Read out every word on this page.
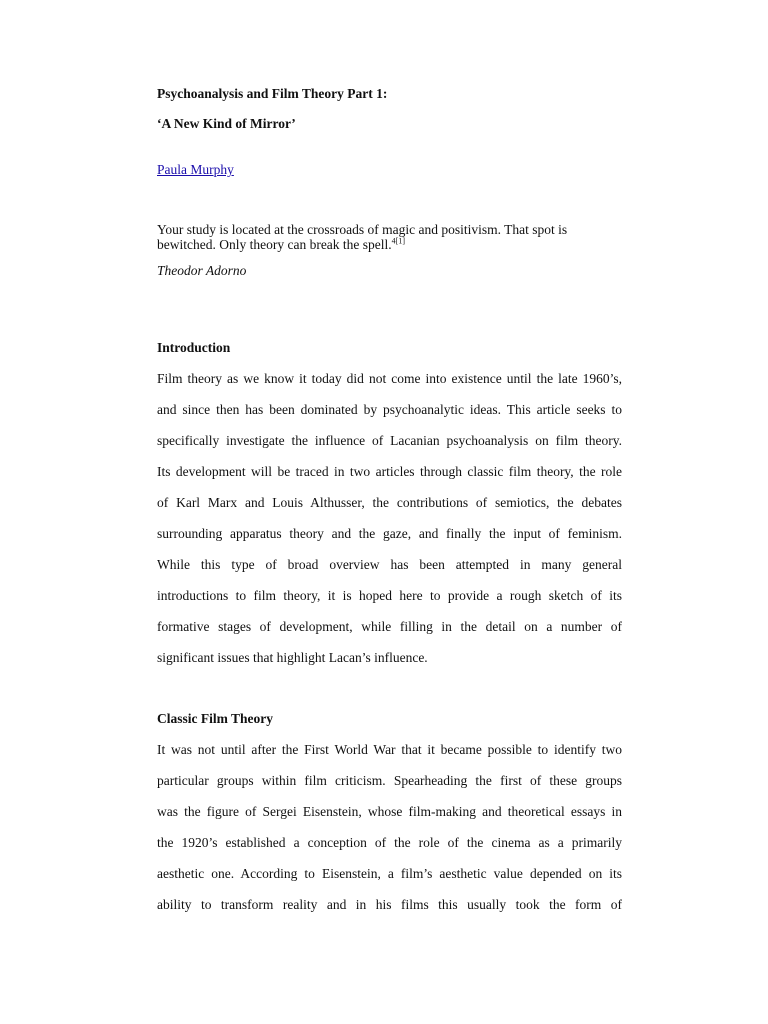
Psychoanalysis and Film Theory Part 1:

‘A New Kind of Mirror’

Paula Murphy

Your study is located at the crossroads of magic and positivism. That spot is
bewitched. Only theory can break the spell.$^{4[1]}$

Theodor Adorno

Introduction

Film theory as we know it today did not come into existence until the late 1960’s,
and since then has been dominated by psychoanalytic ideas. This article seeks to
specifically investigate the influence of Lacanian psychoanalysis on film theory.
Its development will be traced in two articles through classic film theory, the role
of Karl Marx and Louis Althusser, the contributions of semiotics, the debates
surrounding apparatus theory and the gaze, and finally the input of feminism.
While this type of broad overview has been attempted in many general
introductions to film theory, it is hoped here to provide a rough sketch of its
formative stages of development, while filling in the detail on a number of
significant issues that highlight Lacan’s influence.

Classic Film Theory

It was not until after the First World War that it became possible to identify two
particular groups within film criticism. Spearheading the first of these groups
was the figure of Sergei Eisenstein, whose film-making and theoretical essays in
the 1920’s established a conception of the role of the cinema as a primarily
aesthetic one. According to Eisenstein, a film’s aesthetic value depended on its
ability to transform reality and in his films this usually took the form of
